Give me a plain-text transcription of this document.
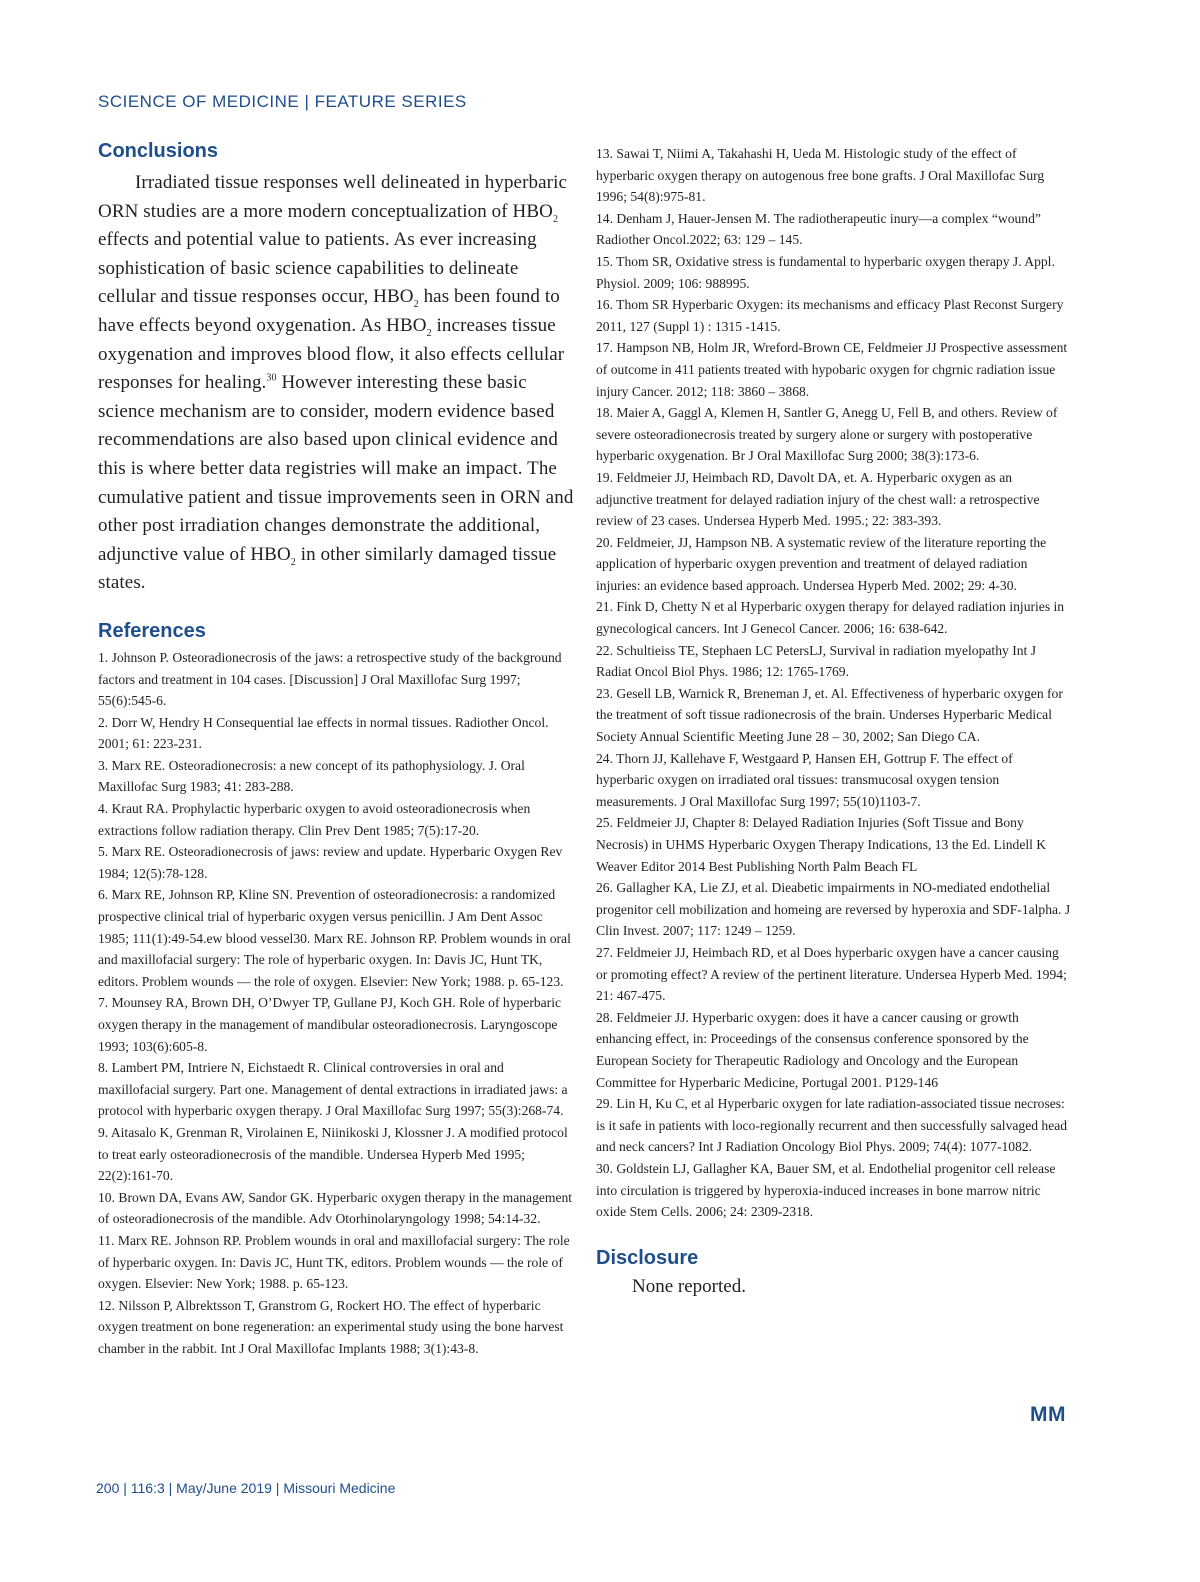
SCIENCE OF MEDICINE | FEATURE SERIES
Conclusions

Irradiated tissue responses well delineated in hyperbaric ORN studies are a more modern conceptualization of $HBO_2$ effects and potential value to patients. As ever increasing sophistication of basic science capabilities to delineate cellular and tissue responses occur, $HBO_2$ has been found to have effects beyond oxygenation. As $HBO_2$ increases tissue oxygenation and improves blood flow, it also effects cellular responses for healing.$^{30}$ However interesting these basic science mechanism are to consider, modern evidence based recommendations are also based upon clinical evidence and this is where better data registries will make an impact. The cumulative patient and tissue improvements seen in ORN and other post irradiation changes demonstrate the additional, adjunctive value of $HBO_2$ in other similarly damaged tissue states.

References
1. Johnson P. Osteoradionecrosis of the jaws: a retrospective study of the background factors and treatment in 104 cases. [Discussion] J Oral Maxillofac Surg 1997; 55(6):545-6.
2. Dorr W, Hendry H Consequential lae effects in normal tissues. Radiother Oncol. 2001; 61: 223-231.
3. Marx RE. Osteoradionecrosis: a new concept of its pathophysiology. J. Oral Maxillofac Surg 1983; 41: 283-288.
4. Kraut RA. Prophylactic hyperbaric oxygen to avoid osteoradionecrosis when extractions follow radiation therapy. Clin Prev Dent 1985; 7(5):17-20.
5. Marx RE. Osteoradionecrosis of jaws: review and update. Hyperbaric Oxygen Rev 1984; 12(5):78-128.
6. Marx RE, Johnson RP, Kline SN. Prevention of osteoradionecrosis: a randomized prospective clinical trial of hyperbaric oxygen versus penicillin. J Am Dent Assoc 1985; 111(1):49-54.ew blood vessel30. Marx RE. Johnson RP. Problem wounds in oral and maxillofacial surgery: The role of hyperbaric oxygen. In: Davis JC, Hunt TK, editors. Problem wounds — the role of oxygen. Elsevier: New York; 1988. p. 65-123.
7. Mounsey RA, Brown DH, O’Dwyer TP, Gullane PJ, Koch GH. Role of hyperbaric oxygen therapy in the management of mandibular osteoradionecrosis. Laryngoscope 1993; 103(6):605-8.
8. Lambert PM, Intriere N, Eichstaedt R. Clinical controversies in oral and maxillofacial surgery. Part one. Management of dental extractions in irradiated jaws: a protocol with hyperbaric oxygen therapy. J Oral Maxillofac Surg 1997; 55(3):268-74.
9. Aitasalo K, Grenman R, Virolainen E, Niinikoski J, Klossner J. A modified protocol to treat early osteoradionecrosis of the mandible. Undersea Hyperb Med 1995; 22(2):161-70.
10. Brown DA, Evans AW, Sandor GK. Hyperbaric oxygen therapy in the management of osteoradionecrosis of the mandible. Adv Otorhinolaryngology 1998; 54:14-32.
11. Marx RE. Johnson RP. Problem wounds in oral and maxillofacial surgery: The role of hyperbaric oxygen. In: Davis JC, Hunt TK, editors. Problem wounds — the role of oxygen. Elsevier: New York; 1988. p. 65-123.
12. Nilsson P, Albrektsson T, Granstrom G, Rockert HO. The effect of hyperbaric oxygen treatment on bone regeneration: an experimental study using the bone harvest chamber in the rabbit. Int J Oral Maxillofac Implants 1988; 3(1):43-8.
13. Sawai T, Niimi A, Takahashi H, Ueda M. Histologic study of the effect of hyperbaric oxygen therapy on autogenous free bone grafts. J Oral Maxillofac Surg 1996; 54(8):975-81.
14. Denham J, Hauer-Jensen M. The radiotherapeutic inury—a complex “wound” Radiother Oncol.2022; 63: 129 – 145.
15. Thom SR, Oxidative stress is fundamental to hyperbaric oxygen therapy J. Appl. Physiol. 2009; 106: 988995.
16. Thom SR Hyperbaric Oxygen: its mechanisms and efficacy Plast Reconst Surgery 2011, 127 (Suppl 1) : 1315 -1415.
17. Hampson NB, Holm JR, Wreford-Brown CE, Feldmeier JJ Prospective assessment of outcome in 411 patients treated with hypobaric oxygen for chgrnic radiation issue injury Cancer. 2012; 118: 3860 – 3868.
18. Maier A, Gaggl A, Klemen H, Santler G, Anegg U, Fell B, and others. Review of severe osteoradionecrosis treated by surgery alone or surgery with postoperative hyperbaric oxygenation. Br J Oral Maxillofac Surg 2000; 38(3):173-6.
19. Feldmeier JJ, Heimbach RD, Davolt DA, et. A. Hyperbaric oxygen as an adjunctive treatment for delayed radiation injury of the chest wall: a retrospective review of 23 cases. Undersea Hyperb Med. 1995.; 22: 383-393.
20. Feldmeier, JJ, Hampson NB. A systematic review of the literature reporting the application of hyperbaric oxygen prevention and treatment of delayed radiation injuries: an evidence based approach. Undersea Hyperb Med. 2002; 29: 4-30.
21. Fink D, Chetty N et al Hyperbaric oxygen therapy for delayed radiation injuries in gynecological cancers. Int J Genecol Cancer. 2006; 16: 638-642.
22. Schultieiss TE, Stephaen LC PetersLJ, Survival in radiation myelopathy Int J Radiat Oncol Biol Phys. 1986; 12: 1765-1769.
23. Gesell LB, Warnick R, Breneman J, et. Al. Effectiveness of hyperbaric oxygen for the treatment of soft tissue radionecrosis of the brain. Underses Hyperbaric Medical Society Annual Scientific Meeting June 28 – 30, 2002; San Diego CA.
24. Thorn JJ, Kallehave F, Westgaard P, Hansen EH, Gottrup F. The effect of hyperbaric oxygen on irradiated oral tissues: transmucosal oxygen tension measurements. J Oral Maxillofac Surg 1997; 55(10)1103-7.
25. Feldmeier JJ, Chapter 8: Delayed Radiation Injuries (Soft Tissue and Bony Necrosis) in UHMS Hyperbaric Oxygen Therapy Indications, 13 the Ed. Lindell K Weaver Editor 2014 Best Publishing North Palm Beach FL
26. Gallagher KA, Lie ZJ, et al. Dieabetic impairments in NO-mediated endothelial progenitor cell mobilization and homeing are reversed by hyperoxia and SDF-1alpha. J Clin Invest. 2007; 117: 1249 – 1259.
27. Feldmeier JJ, Heimbach RD, et al Does hyperbaric oxygen have a cancer causing or promoting effect? A review of the pertinent literature. Undersea Hyperb Med. 1994; 21: 467-475.
28. Feldmeier JJ. Hyperbaric oxygen: does it have a cancer causing or growth enhancing effect, in: Proceedings of the consensus conference sponsored by the European Society for Therapeutic Radiology and Oncology and the European Committee for Hyperbaric Medicine, Portugal 2001. P129-146
29. Lin H, Ku C, et al Hyperbaric oxygen for late radiation-associated tissue necroses: is it safe in patients with loco-regionally recurrent and then successfully salvaged head and neck cancers? Int J Radiation Oncology Biol Phys. 2009; 74(4): 1077-1082.
30. Goldstein LJ, Gallagher KA, Bauer SM, et al. Endothelial progenitor cell release into circulation is triggered by hyperoxia-induced increases in bone marrow nitric oxide Stem Cells. 2006; 24: 2309-2318.
Disclosure

None reported.

MM
200 | 116:3 | May/June 2019 | Missouri Medicine
